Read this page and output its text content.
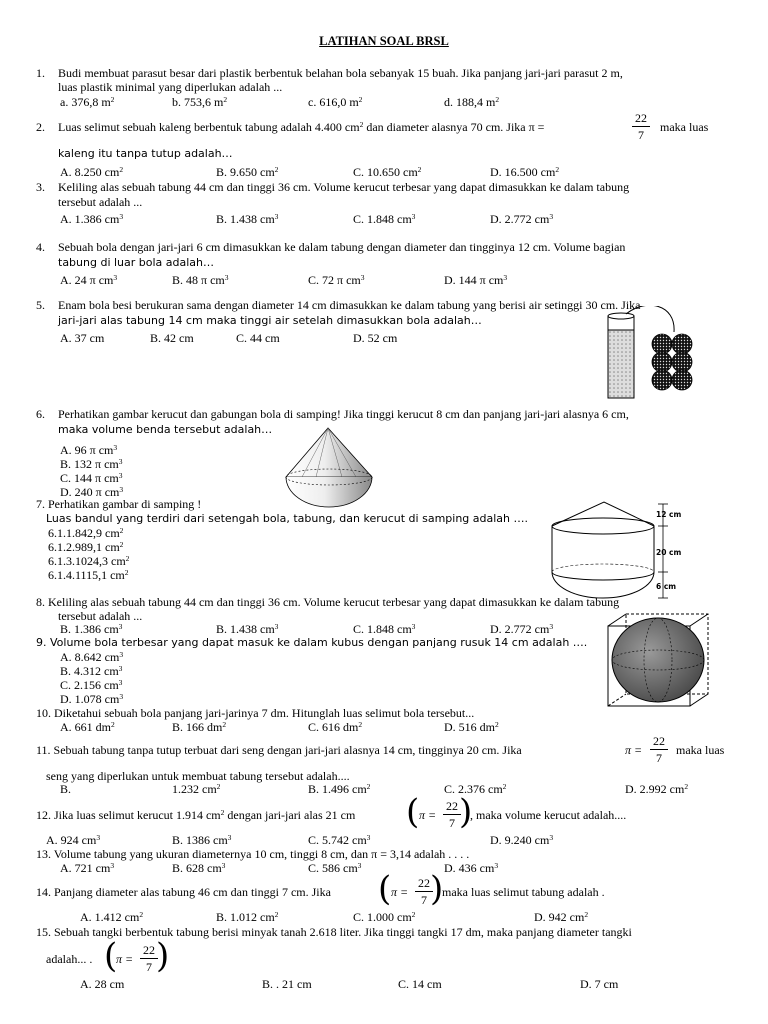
LATIHAN SOAL BRSL
1. Budi membuat parasut besar dari plastik berbentuk belahan bola sebanyak 15 buah. Jika panjang jari-jari parasut 2 m,
luas plastik minimal yang diperlukan adalah ...
a. 376,8 $m^2$	b. 753,6 $m^2$	c. 616,0 $m^2$	d. 188,4 $m^2$
2. Luas selimut sebuah kaleng berbentuk tabung adalah 4.400 $cm^2$ dan diameter alasnya 70 cm. Jika π =
22
7
maka luas
kaleng itu tanpa tutup adalah…
A. 8.250 $cm^2$	B. 9.650 $cm^2$	C. 10.650 $cm^2$	D. 16.500 $cm^2$
3. Keliling alas sebuah tabung 44 cm dan tinggi 36 cm. Volume kerucut terbesar yang dapat dimasukkan ke dalam tabung
tersebut adalah ...
A. 1.386 $cm^3$	B. 1.438 $cm^3$	C. 1.848 $cm^3$	D. 2.772 $cm^3$
4. Sebuah bola dengan jari-jari 6 cm dimasukkan ke dalam tabung dengan diameter dan tingginya 12 cm. Volume bagian
tabung di luar bola adalah…
A. 24 π $cm^3$	B. 48 π $cm^3$	C. 72 π $cm^3$	D. 144 π $cm^3$
5. Enam bola besi berukuran sama dengan diameter 14 cm dimasukkan ke dalam tabung yang berisi air setinggi 30 cm. Jika
jari-jari alas tabung 14 cm maka tinggi air setelah dimasukkan bola adalah…
A. 37 cm	B. 42 cm	C. 44 cm	D. 52 cm
6. Perhatikan gambar kerucut dan gabungan bola di samping! Jika tinggi kerucut 8 cm dan panjang jari-jari alasnya 6 cm,
maka volume benda tersebut adalah…
A. 96 π $cm^3$
B. 132 π $cm^3$
C. 144 π $cm^3$
D. 240 π $cm^3$
7. Perhatikan gambar di samping !
Luas bandul yang terdiri dari setengah bola, tabung, dan kerucut di samping adalah ….
6.1.1.842,9 $cm^2$
6.1.2.989,1 $cm^2$
6.1.3.1024,3 $cm^2$
6.1.4.1115,1 $cm^2$
12 cm
20 cm
6 cm
8. Keliling alas sebuah tabung 44 cm dan tinggi 36 cm. Volume kerucut terbesar yang dapat dimasukkan ke dalam tabung
tersebut adalah ...
B. 1.386 $cm^3$	B. 1.438 $cm^3$	C. 1.848 $cm^3$	D. 2.772 $cm^3$
9. Volume bola terbesar yang dapat masuk ke dalam kubus dengan panjang rusuk 14 cm adalah ….
A. 8.642 $cm^3$
B. 4.312 $cm^3$
C. 2.156 $cm^3$
D. 1.078 $cm^3$
10. Diketahui sebuah bola panjang jari-jarinya 7 dm. Hitunglah luas selimut bola tersebut...
A. 661 $dm^2$	B. 166 $dm^2$	C. 616 $dm^2$	D. 516 $dm^2$
11. Sebuah tabung tanpa tutup terbuat dari seng dengan jari-jari alasnya 14 cm, tingginya 20 cm. Jika	π =
22
7
maka luas
seng yang diperlukan untuk membuat tabung tersebut adalah....
B.	1.232 $cm^2$	B. 1.496 $cm^2$	C. 2.376 $cm^2$	D. 2.992 $cm^2$
12. Jika luas selimut kerucut 1.914 $cm^2$ dengan jari-jari alas 21 cm ( π =
22
7 )
, maka volume kerucut adalah....
A. 924 $cm^3$	B. 1386 $cm^3$	C. 5.742 $cm^3$	D. 9.240 $cm^3$
13. Volume tabung yang ukuran diameternya 10 cm, tinggi 8 cm, dan π = 3,14 adalah . . . .
A. 721 $cm^3$	B. 628 $cm^3$	C. 586 $cm^3$	D. 436 $cm^3$
14. Panjang diameter alas tabung 46 cm dan tinggi 7 cm. Jika ( π =
22
7 )
maka luas selimut tabung adalah .
A. 1.412 $cm^2$	B. 1.012 $cm^2$	C. 1.000 $cm^2$	D. 942 $cm^2$
15. Sebuah tangki berbentuk tabung berisi minyak tanah 2.618 liter. Jika tinggi tangki 17 dm, maka panjang diameter tangki
adalah... . (
π =
22
7 )
A. 28 cm	B. . 21 cm	C. 14 cm	D. 7 cm
